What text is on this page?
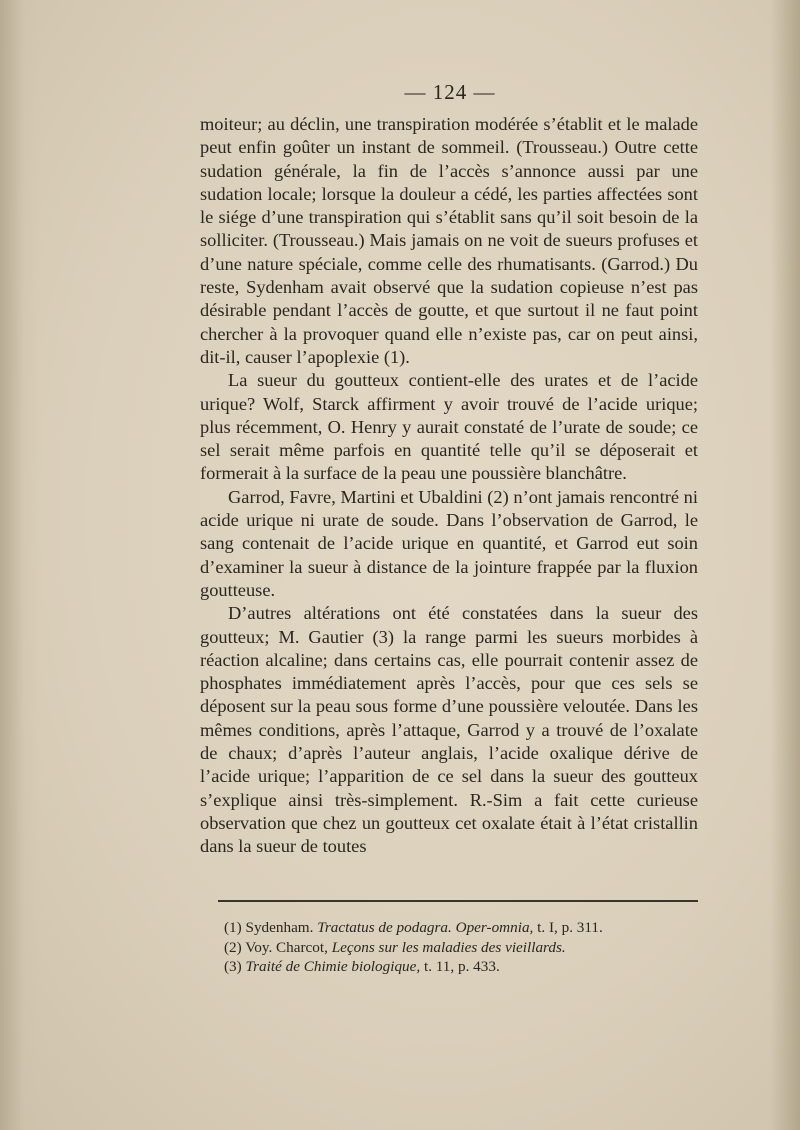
— 124 —

moiteur; au déclin, une transpiration modérée s’établit et le malade peut enfin goûter un instant de sommeil. (Trousseau.) Outre cette sudation générale, la fin de l’accès s’annonce aussi par une sudation locale; lorsque la douleur a cédé, les parties affectées sont le siége d’une transpiration qui s’établit sans qu’il soit besoin de la solliciter. (Trousseau.) Mais jamais on ne voit de sueurs profuses et d’une nature spéciale, comme celle des rhumatisants. (Garrod.) Du reste, Sydenham avait observé que la sudation copieuse n’est pas désirable pendant l’accès de goutte, et que surtout il ne faut point chercher à la provoquer quand elle n’existe pas, car on peut ainsi, dit-il, causer l’apoplexie (1).

La sueur du goutteux contient-elle des urates et de l’acide urique? Wolf, Starck affirment y avoir trouvé de l’acide urique; plus récemment, O. Henry y aurait constaté de l’urate de soude; ce sel serait même parfois en quantité telle qu’il se déposerait et formerait à la surface de la peau une poussière blanchâtre.

Garrod, Favre, Martini et Ubaldini (2) n’ont jamais rencontré ni acide urique ni urate de soude. Dans l’observation de Garrod, le sang contenait de l’acide urique en quantité, et Garrod eut soin d’examiner la sueur à distance de la jointure frappée par la fluxion goutteuse.

D’autres altérations ont été constatées dans la sueur des goutteux; M. Gautier (3) la range parmi les sueurs morbides à réaction alcaline; dans certains cas, elle pourrait contenir assez de phosphates immédiatement après l’accès, pour que ces sels se déposent sur la peau sous forme d’une poussière veloutée. Dans les mêmes conditions, après l’attaque, Garrod y a trouvé de l’oxalate de chaux; d’après l’auteur anglais, l’acide oxalique dérive de l’acide urique; l’apparition de ce sel dans la sueur des goutteux s’explique ainsi très-simplement. R.-Sim a fait cette curieuse observation que chez un goutteux cet oxalate était à l’état cristallin dans la sueur de toutes

(1) Sydenham. Tractatus de podagra. Oper-omnia, t. I, p. 311.
(2) Voy. Charcot, Leçons sur les maladies des vieillards.
(3) Traité de Chimie biologique, t. 11, p. 433.
